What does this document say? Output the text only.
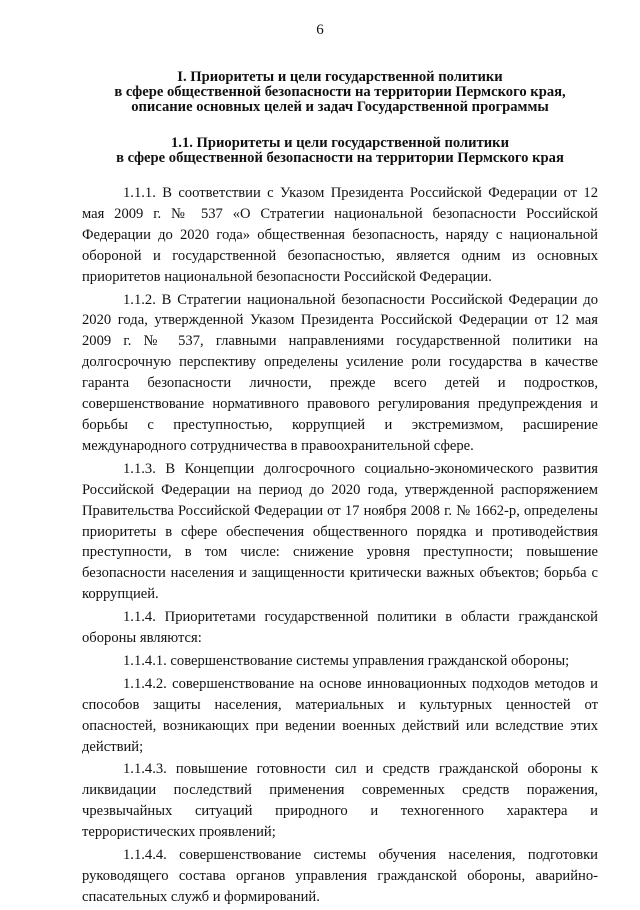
6
I. Приоритеты и цели государственной политики
в сфере общественной безопасности на территории Пермского края,
описание основных целей и задач Государственной программы
1.1. Приоритеты и цели государственной политики
в сфере общественной безопасности на территории Пермского края

1.1.1. В соответствии с Указом Президента Российской Федерации от 12 мая 2009 г. № 537 «О Стратегии национальной безопасности Российской Федерации до 2020 года» общественная безопасность, наряду с национальной обороной и государственной безопасностью, является одним из основных приоритетов национальной безопасности Российской Федерации.

1.1.2. В Стратегии национальной безопасности Российской Федерации до 2020 года, утвержденной Указом Президента Российской Федерации от 12 мая 2009 г. № 537, главными направлениями государственной политики на долгосрочную перспективу определены усиление роли государства в качестве гаранта безопасности личности, прежде всего детей и подростков, совершенствование нормативного правового регулирования предупреждения и борьбы с преступностью, коррупцией и экстремизмом, расширение международного сотрудничества в правоохранительной сфере.

1.1.3. В Концепции долгосрочного социально-экономического развития Российской Федерации на период до 2020 года, утвержденной распоряжением Правительства Российской Федерации от 17 ноября 2008 г. № 1662-р, определены приоритеты в сфере обеспечения общественного порядка и противодействия преступности, в том числе: снижение уровня преступности; повышение безопасности населения и защищенности критически важных объектов; борьба с коррупцией.

1.1.4. Приоритетами государственной политики в области гражданской обороны являются:

1.1.4.1. совершенствование системы управления гражданской обороны;

1.1.4.2. совершенствование на основе инновационных подходов методов и способов защиты населения, материальных и культурных ценностей от опасностей, возникающих при ведении военных действий или вследствие этих действий;

1.1.4.3. повышение готовности сил и средств гражданской обороны к ликвидации последствий применения современных средств поражения, чрезвычайных ситуаций природного и техногенного характера и террористических проявлений;

1.1.4.4. совершенствование системы обучения населения, подготовки руководящего состава органов управления гражданской обороны, аварийно-спасательных служб и формирований.
